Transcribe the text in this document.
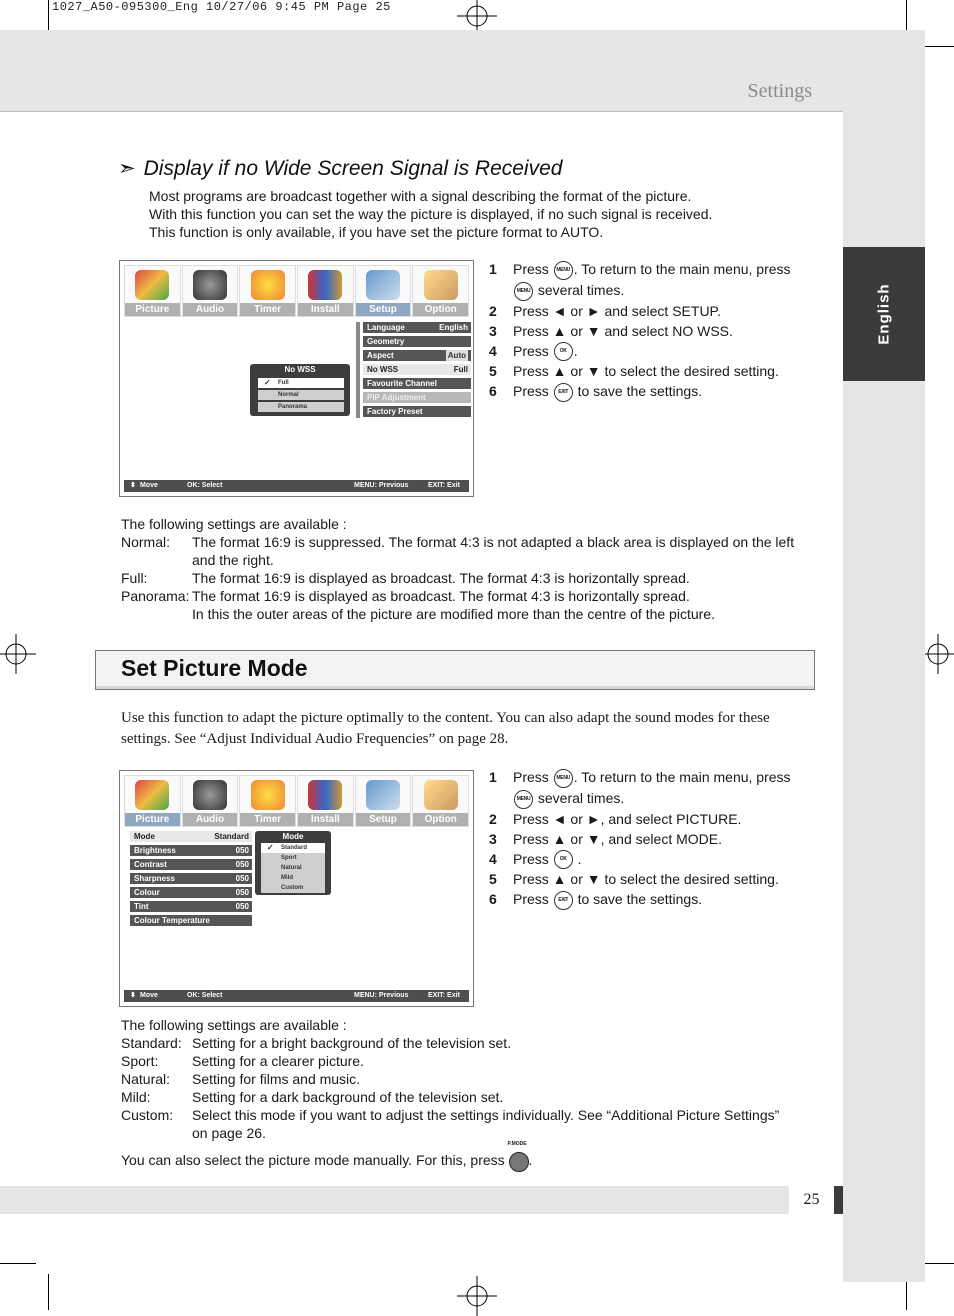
1027_A50-095300_Eng 10/27/06 9:45 PM Page 25
Settings
English
➣ Display if no Wide Screen Signal is Received
Most programs are broadcast together with a signal describing the format of the picture.
With this function you can set the way the picture is displayed, if no such signal is received.
This function is only available, if you have set the picture format to AUTO.
Picture	Audio	Timer	Install	Setup	Option
Language	English
Geometry
Aspect	Auto
No WSS	Full
Favourite Channel
PIP Adjustment
Factory Preset
No WSS
✓ Full
Normal
Panorama
⬍ Move	OK: Select	MENU: Previous	EXIT: Exit
1 Press MENU . To return to the main menu, press
MENU several times.
2 Press ◄ or ► and select SETUP.
3 Press ▲ or ▼ and select NO WSS.
4 Press OK .
5 Press ▲ or ▼ to select the desired setting.
6 Press EXIT to save the settings.
The following settings are available :
Normal: The format 16:9 is suppressed. The format 4:3 is not adapted a black area is displayed on the left
and the right.
Full:	The format 16:9 is displayed as broadcast. The format 4:3 is horizontally spread.
Panorama: The format 16:9 is displayed as broadcast. The format 4:3 is horizontally spread.
In this the outer areas of the picture are modified more than the centre of the picture.
Set Picture Mode
Use this function to adapt the picture optimally to the content. You can also adapt the sound modes for these settings. See “Adjust Individual Audio Frequencies” on page 28.
Picture	Audio	Timer	Install	Setup	Option
Mode	Standard
Brightness	050
Contrast	050
Sharpness	050
Colour	050
Tint	050
Colour Temperature
Mode
✓ Standard
Sport
Natural
Mild
Custom
⬍ Move	OK: Select	MENU: Previous	EXIT: Exit
1 Press MENU . To return to the main menu, press
MENU several times.
2 Press ◄ or ►, and select PICTURE.
3 Press ▲ or ▼, and select MODE.
4 Press OK .
5 Press ▲ or ▼ to select the desired setting.
6 Press EXIT to save the settings.
The following settings are available :
Standard: Setting for a bright background of the television set.
Sport: Setting for a clearer picture.
Natural: Setting for films and music.
Mild:	Setting for a dark background of the television set.
Custom: Select this mode if you want to adjust the settings individually. See “Additional Picture Settings”
on page 26.
You can also select the picture mode manually. For this, press
P.MODE
.
25
